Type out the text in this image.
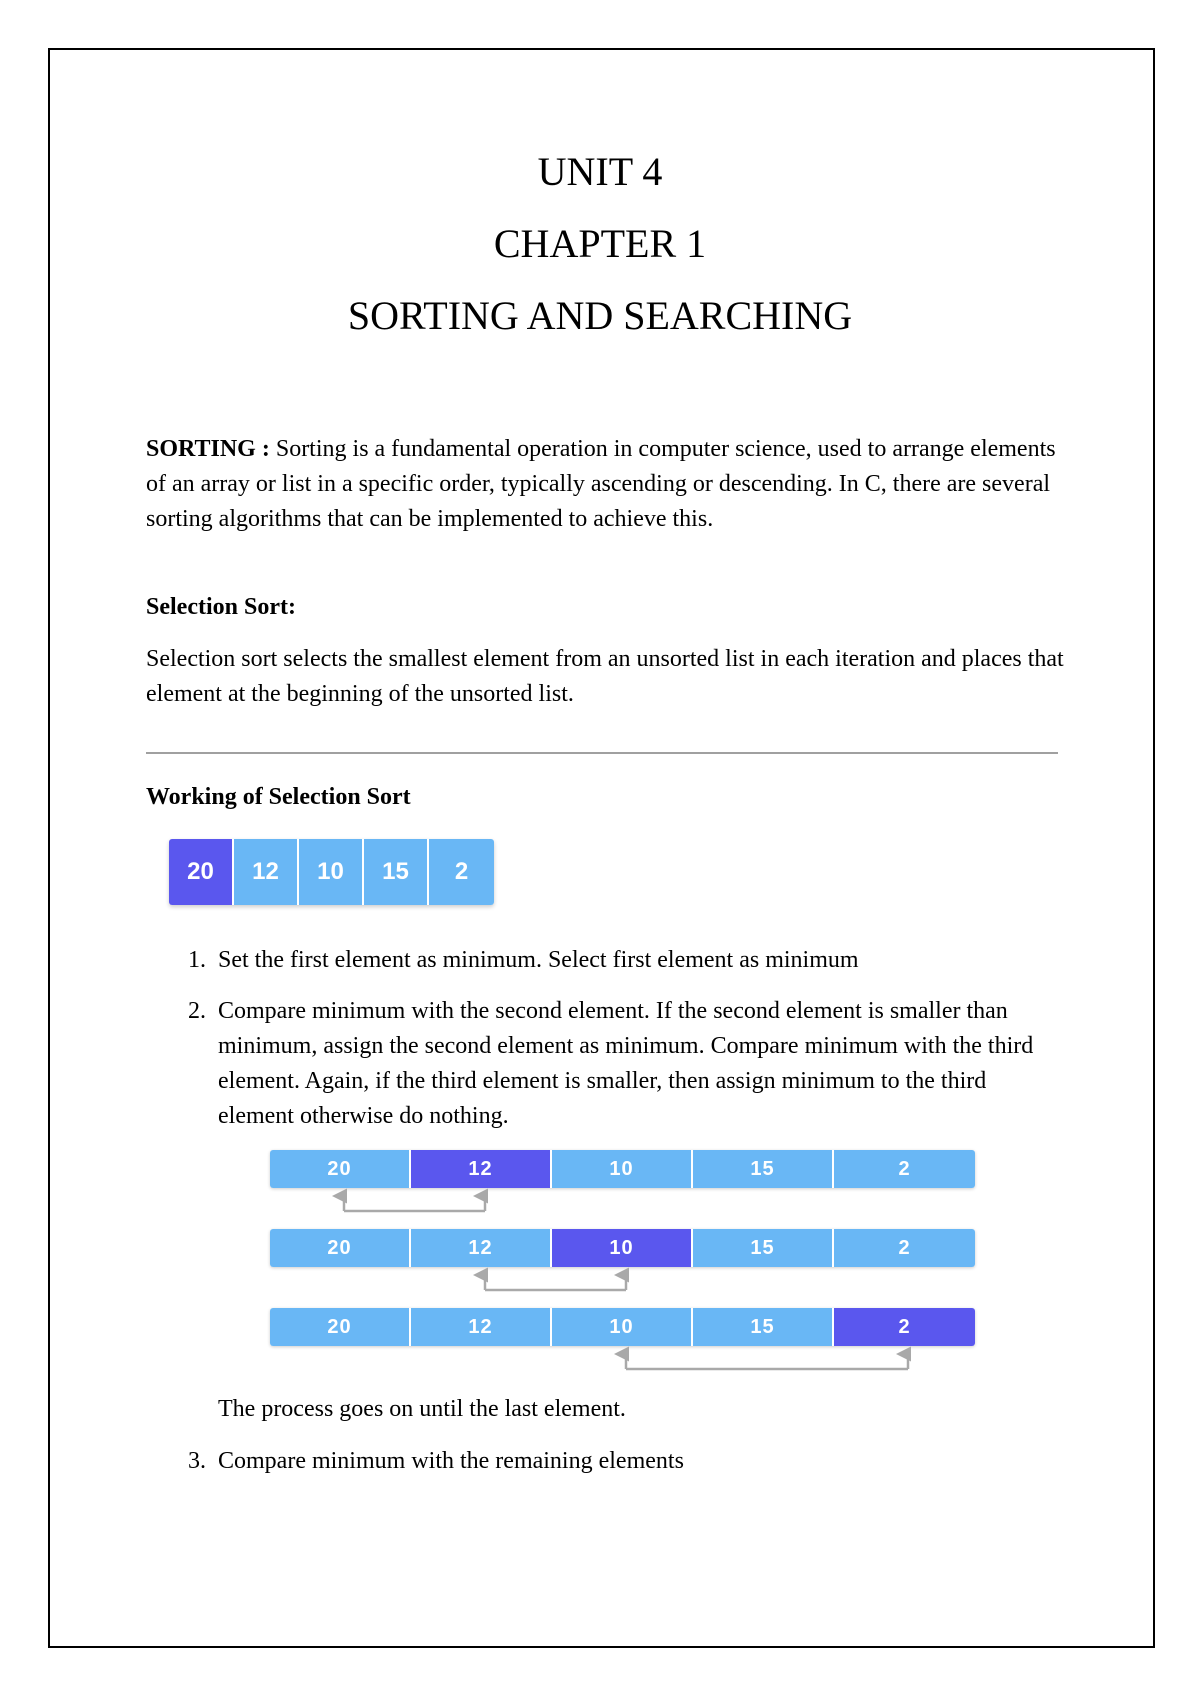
UNIT 4
CHAPTER 1
SORTING AND SEARCHING

SORTING : Sorting is a fundamental operation in computer science, used to arrange elements of an array or list in a specific order, typically ascending or descending. In C, there are several sorting algorithms that can be implemented to achieve this.

Selection Sort:

Selection sort selects the smallest element from an unsorted list in each iteration and places that element at the beginning of the unsorted list.

Working of Selection Sort

20	12	10	15	2
1. Set the first element as minimum. Select first element as minimum

2. Compare minimum with the second element. If the second element is smaller than minimum, assign the second element as minimum. Compare minimum with the third element. Again, if the third element is smaller, then assign minimum to the third element otherwise do nothing.

20	12	10	15	2
20	12	10	15	2
20	12	10	15	2

The process goes on until the last element.

3. Compare minimum with the remaining elements
